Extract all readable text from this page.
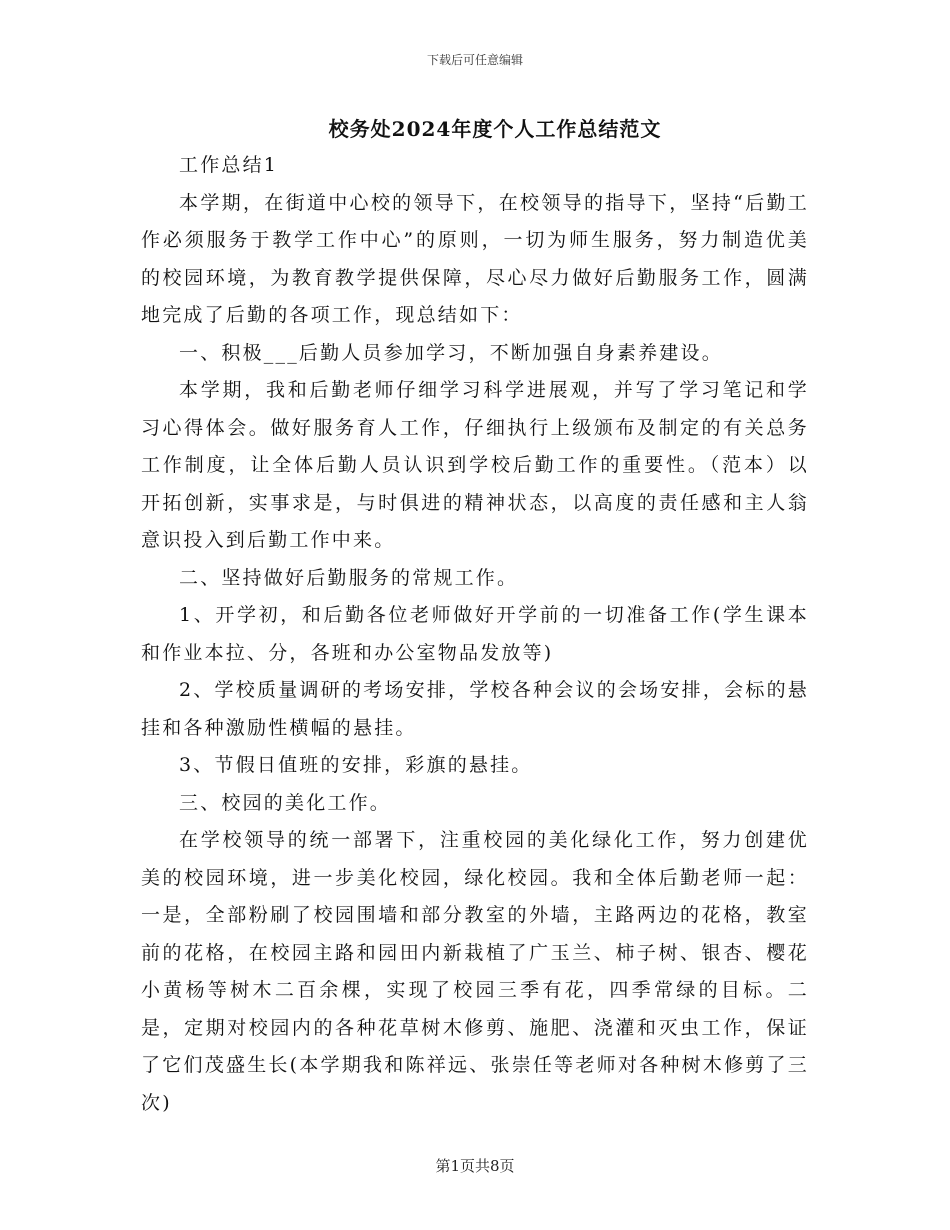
下载后可任意编辑
校务处2024年度个人工作总结范文

工作总结1

本学期，在街道中心校的领导下，在校领导的指导下，坚持“后勤工作必须服务于教学工作中心”的原则，一切为师生服务，努力制造优美的校园环境，为教育教学提供保障，尽心尽力做好后勤服务工作，圆满地完成了后勤的各项工作，现总结如下：

一、积极___后勤人员参加学习，不断加强自身素养建设。

本学期，我和后勤老师仔细学习科学进展观，并写了学习笔记和学习心得体会。做好服务育人工作，仔细执行上级颁布及制定的有关总务工作制度，让全体后勤人员认识到学校后勤工作的重要性。（范本）以开拓创新，实事求是，与时俱进的精神状态，以高度的责任感和主人翁意识投入到后勤工作中来。

二、坚持做好后勤服务的常规工作。

1、开学初，和后勤各位老师做好开学前的一切准备工作(学生课本和作业本拉、分，各班和办公室物品发放等)

2、学校质量调研的考场安排，学校各种会议的会场安排，会标的悬挂和各种激励性横幅的悬挂。

3、节假日值班的安排，彩旗的悬挂。

三、校园的美化工作。

在学校领导的统一部署下，注重校园的美化绿化工作，努力创建优美的校园环境，进一步美化校园，绿化校园。我和全体后勤老师一起：一是，全部粉刷了校园围墙和部分教室的外墙，主路两边的花格，教室前的花格，在校园主路和园田内新栽植了广玉兰、柿子树、银杏、樱花小黄杨等树木二百余棵，实现了校园三季有花，四季常绿的目标。二是，定期对校园内的各种花草树木修剪、施肥、浇灌和灭虫工作，保证了它们茂盛生长(本学期我和陈祥远、张崇任等老师对各种树木修剪了三次)

第1页共8页
